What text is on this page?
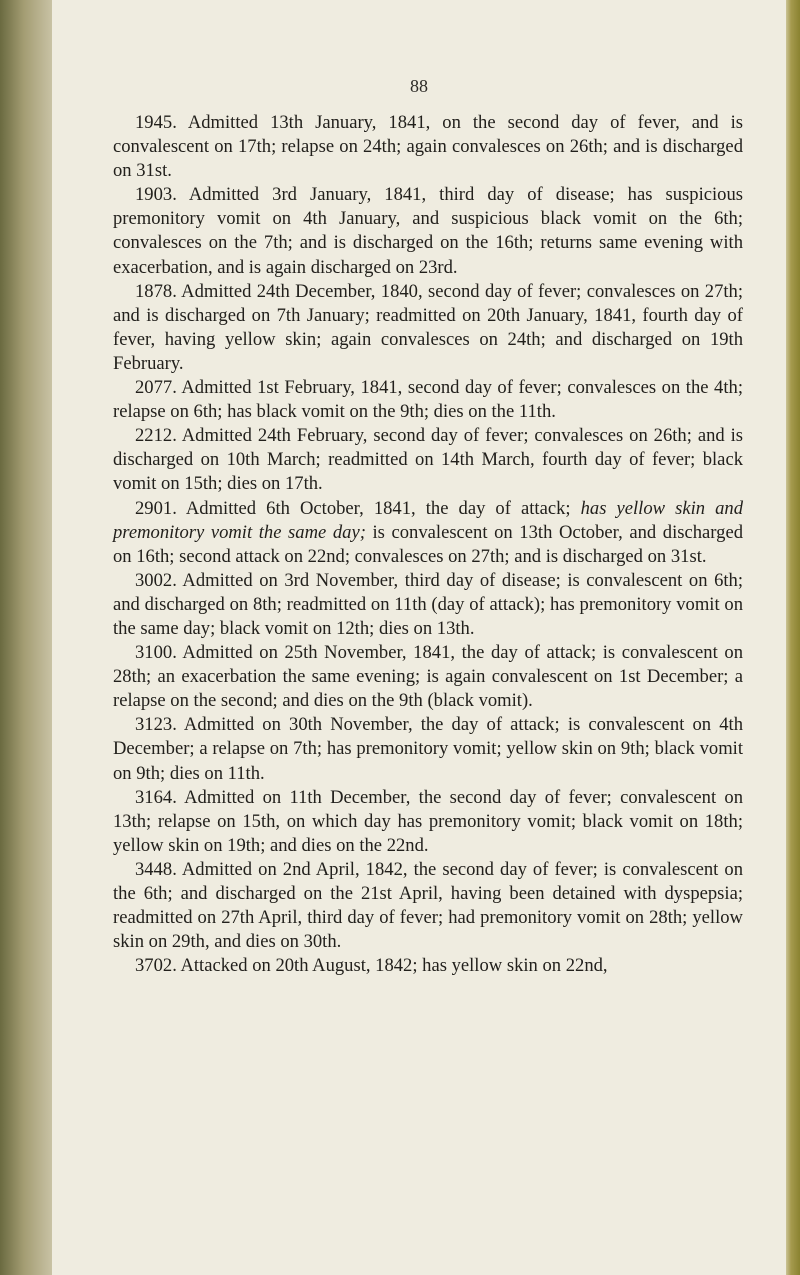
88

1945. Admitted 13th January, 1841, on the second day of fever, and is convalescent on 17th; relapse on 24th; again convalesces on 26th; and is discharged on 31st.

1903. Admitted 3rd January, 1841, third day of disease; has suspicious premonitory vomit on 4th January, and suspicious black vomit on the 6th; convalesces on the 7th; and is discharged on the 16th; returns same evening with exacerbation, and is again discharged on 23rd.

1878. Admitted 24th December, 1840, second day of fever; convalesces on 27th; and is discharged on 7th January; readmitted on 20th January, 1841, fourth day of fever, having yellow skin; again convalesces on 24th; and discharged on 19th February.

2077. Admitted 1st February, 1841, second day of fever; convalesces on the 4th; relapse on 6th; has black vomit on the 9th; dies on the 11th.

2212. Admitted 24th February, second day of fever; convalesces on 26th; and is discharged on 10th March; readmitted on 14th March, fourth day of fever; black vomit on 15th; dies on 17th.

2901. Admitted 6th October, 1841, the day of attack; has yellow skin and premonitory vomit the same day; is convalescent on 13th October, and discharged on 16th; second attack on 22nd; convalesces on 27th; and is discharged on 31st.

3002. Admitted on 3rd November, third day of disease; is convalescent on 6th; and discharged on 8th; readmitted on 11th (day of attack); has premonitory vomit on the same day; black vomit on 12th; dies on 13th.

3100. Admitted on 25th November, 1841, the day of attack; is convalescent on 28th; an exacerbation the same evening; is again convalescent on 1st December; a relapse on the second; and dies on the 9th (black vomit).

3123. Admitted on 30th November, the day of attack; is convalescent on 4th December; a relapse on 7th; has premonitory vomit; yellow skin on 9th; black vomit on 9th; dies on 11th.

3164. Admitted on 11th December, the second day of fever; convalescent on 13th; relapse on 15th, on which day has premonitory vomit; black vomit on 18th; yellow skin on 19th; and dies on the 22nd.

3448. Admitted on 2nd April, 1842, the second day of fever; is convalescent on the 6th; and discharged on the 21st April, having been detained with dyspepsia; readmitted on 27th April, third day of fever; had premonitory vomit on 28th; yellow skin on 29th, and dies on 30th.

3702. Attacked on 20th August, 1842; has yellow skin on 22nd,
